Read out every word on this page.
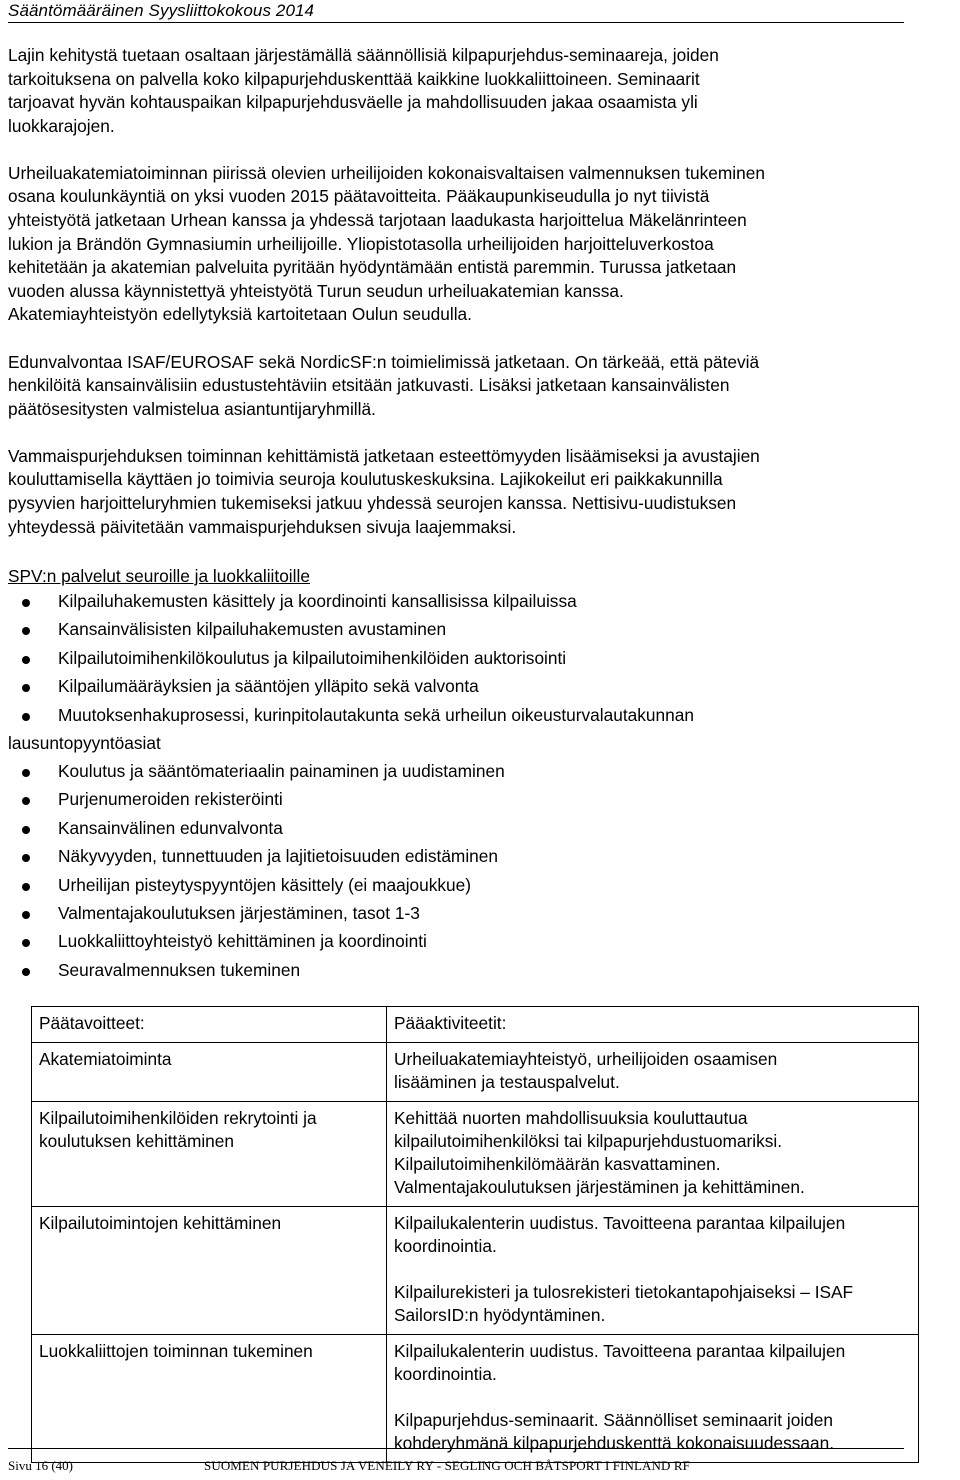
Sääntömääräinen Syysliittokokous 2014

Lajin kehitystä tuetaan osaltaan järjestämällä säännöllisiä kilpapurjehdus-seminaareja, joiden
tarkoituksena on palvella koko kilpapurjehduskenttää kaikkine luokkaliittoineen. Seminaarit
tarjoavat hyvän kohtauspaikan kilpapurjehdusväelle ja mahdollisuuden jakaa osaamista yli
luokkarajojen.

Urheiluakatemiatoiminnan piirissä olevien urheilijoiden kokonaisvaltaisen valmennuksen tukeminen
osana koulunkäyntiä on yksi vuoden 2015 päätavoitteita. Pääkaupunkiseudulla jo nyt tiivistä
yhteistyötä jatketaan Urhean kanssa ja yhdessä tarjotaan laadukasta harjoittelua Mäkelänrinteen
lukion ja Brändön Gymnasiumin urheilijoille. Yliopistotasolla urheilijoiden harjoitteluverkostoa
kehitetään ja akatemian palveluita pyritään hyödyntämään entistä paremmin. Turussa jatketaan
vuoden alussa käynnistettyä yhteistyötä Turun seudun urheiluakatemian kanssa.
Akatemiayhteistyön edellytyksiä kartoitetaan Oulun seudulla.

Edunvalvontaa ISAF/EUROSAF sekä NordicSF:n toimielimissä jatketaan. On tärkeää, että päteviä
henkilöitä kansainvälisiin edustustehtäviin etsitään jatkuvasti. Lisäksi jatketaan kansainvälisten
päätösesitysten valmistelua asiantuntijaryhmillä.

Vammaispurjehduksen toiminnan kehittämistä jatketaan esteettömyyden lisäämiseksi ja avustajien
kouluttamisella käyttäen jo toimivia seuroja koulutuskeskuksina. Lajikokeilut eri paikkakunnilla
pysyvien harjoitteluryhmien tukemiseksi jatkuu yhdessä seurojen kanssa. Nettisivu-uudistuksen
yhteydessä päivitetään vammaispurjehduksen sivuja laajemmaksi.

SPV:n palvelut seuroille ja luokkaliitoille
Kilpailuhakemusten käsittely ja koordinointi kansallisissa kilpailuissa
Kansainvälisisten kilpailuhakemusten avustaminen
Kilpailutoimihenkilökoulutus ja kilpailutoimihenkilöiden auktorisointi
Kilpailumääräyksien ja sääntöjen ylläpito sekä valvonta
Muutoksenhakuprosessi, kurinpitolautakunta sekä urheilun oikeusturvalautakunnan
lausuntopyyntöasiat
Koulutus ja sääntömateriaalin painaminen ja uudistaminen
Purjenumeroiden rekisteröinti
Kansainvälinen edunvalvonta
Näkyvyyden, tunnettuuden ja lajitietoisuuden edistäminen
Urheilijan pisteytyspyyntöjen käsittely (ei maajoukkue)
Valmentajakoulutuksen järjestäminen, tasot 1-3
Luokkaliittoyhteistyö kehittäminen ja koordinointi
Seuravalmennuksen tukeminen
Päätavoitteet:	Pääaktiviteetit:

Akatemiatoiminta	Urheiluakatemiayhteistyö, urheilijoiden osaamisen
lisääminen ja testauspalvelut.

Kilpailutoimihenkilöiden rekrytointi ja
koulutuksen kehittäminen	Kehittää nuorten mahdollisuuksia kouluttautua
kilpailutoimihenkilöksi tai kilpapurjehdustuomariksi.
Kilpailutoimihenkilömäärän kasvattaminen.
Valmentajakoulutuksen järjestäminen ja kehittäminen.

Kilpailutoimintojen kehittäminen	Kilpailukalenterin uudistus. Tavoitteena parantaa kilpailujen
koordinointia.

Kilpailurekisteri ja tulosrekisteri tietokantapohjaiseksi – ISAF
SailorsID:n hyödyntäminen.

Luokkaliittojen toiminnan tukeminen	Kilpailukalenterin uudistus. Tavoitteena parantaa kilpailujen
koordinointia.

Kilpapurjehdus-seminaarit. Säännölliset seminaarit joiden
kohderyhmänä kilpapurjehduskenttä kokonaisuudessaan.
Sivu 16 (40)	SUOMEN PURJEHDUS JA VENEILY RY - SEGLING OCH BÅTSPORT I FINLAND RF
